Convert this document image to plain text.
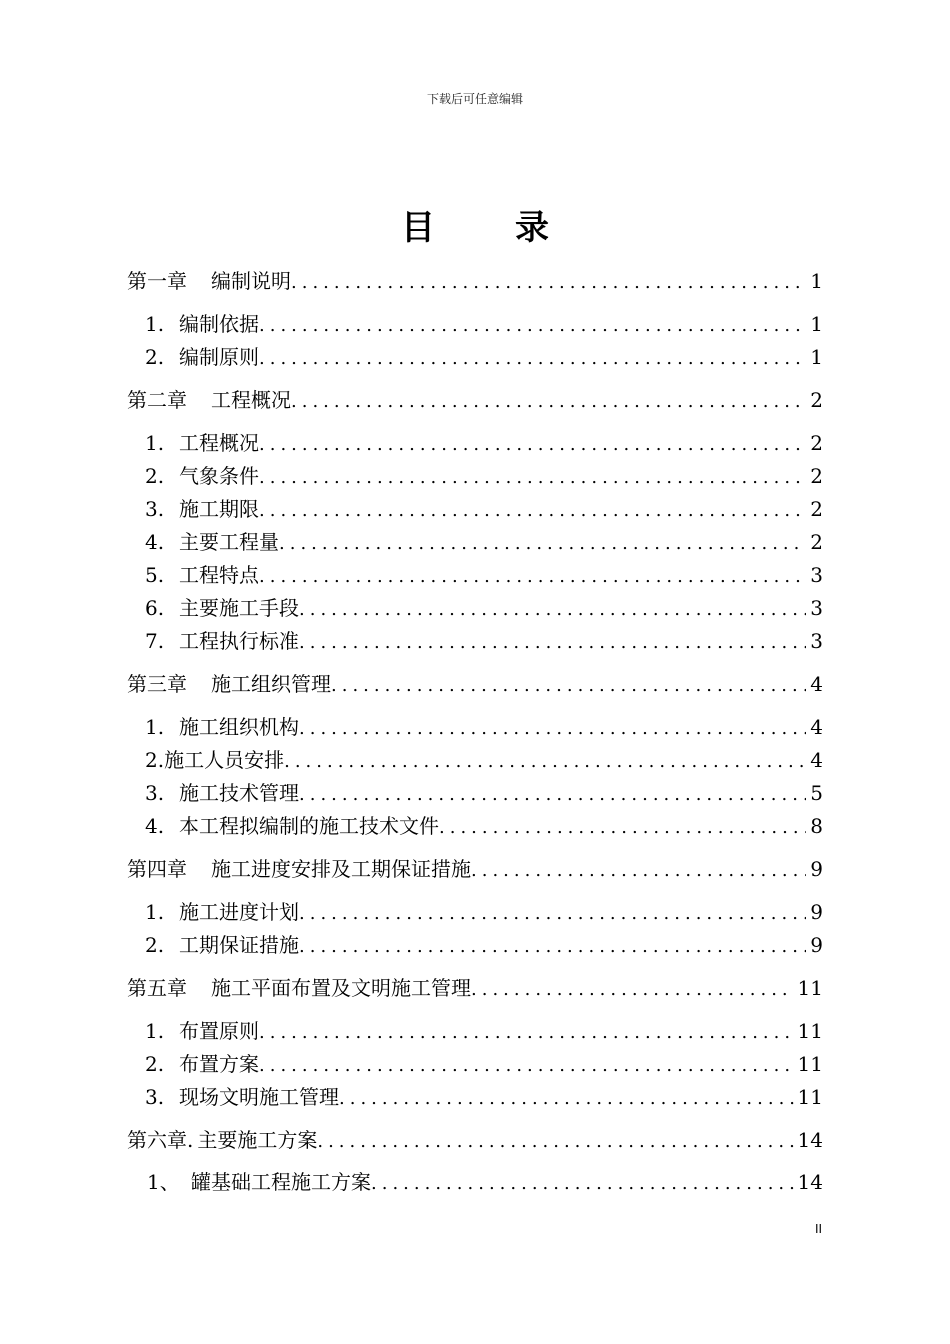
下载后可任意编辑
目录
第一章 编制说明 .....	1
1. 编制依据 .....	1
2. 编制原则 .....	1
第二章 工程概况 .....	2
1. 工程概况 .....	2
2. 气象条件 .....	2
3. 施工期限 .....	2
4. 主要工程量 .....	2
5. 工程特点 .....	3
6. 主要施工手段 .....	3
7. 工程执行标准 .....	3
第三章 施工组织管理 .....	4
1. 施工组织机构 .....	4
2.施工人员安排 .....	4
3. 施工技术管理 .....	5
4. 本工程拟编制的施工技术文件 .....	8
第四章 施工进度安排及工期保证措施 .....	9
1. 施工进度计划 .....	9
2. 工期保证措施 .....	9
第五章 施工平面布置及文明施工管理 .....	11
1. 布置原则 .....	11
2. 布置方案 .....	11
3. 现场文明施工管理 .....	11
第六章. 主要施工方案 .....	14
1、 罐基础工程施工方案 .....	14
II
